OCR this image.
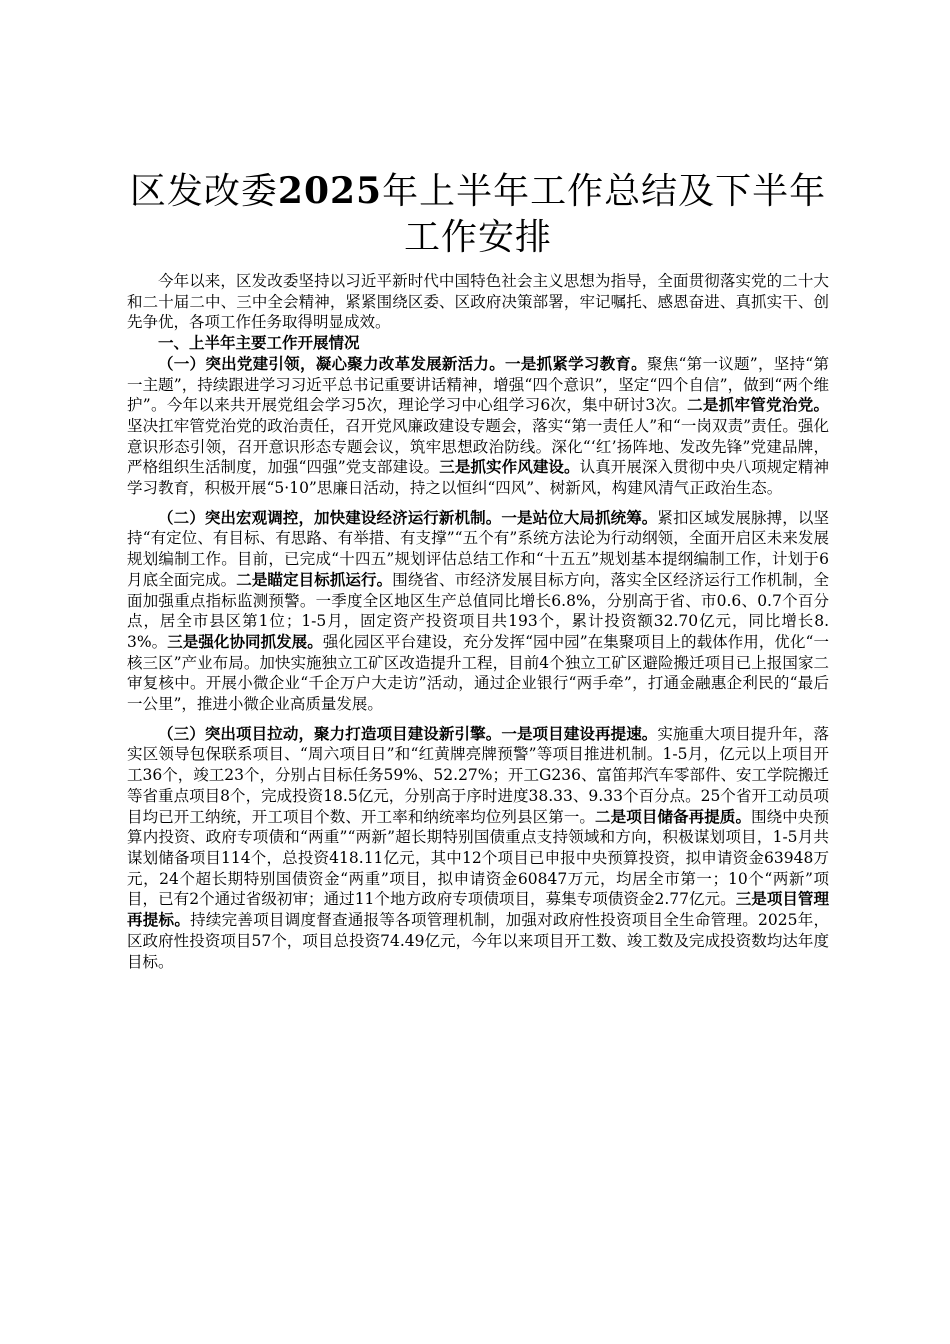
区发改委2025年上半年工作总结及下半年工作安排

今年以来，区发改委坚持以习近平新时代中国特色社会主义思想为指导，全面贯彻落实党的二十大和二十届二中、三中全会精神，紧紧围绕区委、区政府决策部署，牢记嘱托、感恩奋进、真抓实干、创先争优，各项工作任务取得明显成效。

一、上半年主要工作开展情况

（一）突出党建引领，凝心聚力改革发展新活力。一是抓紧学习教育。聚焦“第一议题”，坚持“第一主题”，持续跟进学习习近平总书记重要讲话精神，增强“四个意识”，坚定“四个自信”，做到“两个维护”。今年以来共开展党组会学习5次，理论学习中心组学习6次，集中研讨3次。二是抓牢管党治党。坚决扛牢管党治党的政治责任，召开党风廉政建设专题会，落实“第一责任人”和“一岗双责”责任。强化意识形态引领，召开意识形态专题会议，筑牢思想政治防线。深化“‘红’扬阵地、发改先锋”党建品牌，严格组织生活制度，加强“四强”党支部建设。三是抓实作风建设。认真开展深入贯彻中央八项规定精神学习教育，积极开展“5·10”思廉日活动，持之以恒纠“四风”、树新风，构建风清气正政治生态。

（二）突出宏观调控，加快建设经济运行新机制。一是站位大局抓统筹。紧扣区域发展脉搏，以坚持“有定位、有目标、有思路、有举措、有支撑”“五个有”系统方法论为行动纲领，全面开启区未来发展规划编制工作。目前，已完成“十四五”规划评估总结工作和“十五五”规划基本提纲编制工作，计划于6月底全面完成。二是瞄定目标抓运行。围绕省、市经济发展目标方向，落实全区经济运行工作机制，全面加强重点指标监测预警。一季度全区地区生产总值同比增长6.8%，分别高于省、市0.6、0.7个百分点，居全市县区第1位；1-5月，固定资产投资项目共193个，累计投资额32.70亿元，同比增长8.3%。三是强化协同抓发展。强化园区平台建设，充分发挥“园中园”在集聚项目上的载体作用，优化“一核三区”产业布局。加快实施独立工矿区改造提升工程，目前4个独立工矿区避险搬迁项目已上报国家二审复核中。开展小微企业“千企万户大走访”活动，通过企业银行“两手牵”，打通金融惠企利民的“最后一公里”，推进小微企业高质量发展。

（三）突出项目拉动，聚力打造项目建设新引擎。一是项目建设再提速。实施重大项目提升年，落实区领导包保联系项目、“周六项目日”和“红黄牌亮牌预警”等项目推进机制。1-5月，亿元以上项目开工36个，竣工23个，分别占目标任务59%、52.27%；开工G236、富笛邦汽车零部件、安工学院搬迁等省重点项目8个，完成投资18.5亿元，分别高于序时进度38.33、9.33个百分点。25个省开工动员项目均已开工纳统，开工项目个数、开工率和纳统率均位列县区第一。二是项目储备再提质。围绕中央预算内投资、政府专项债和“两重”“两新”超长期特别国债重点支持领域和方向，积极谋划项目，1-5月共谋划储备项目114个，总投资418.11亿元，其中12个项目已申报中央预算投资，拟申请资金63948万元，24个超长期特别国债资金“两重”项目，拟申请资金60847万元，均居全市第一；10个“两新”项目，已有2个通过省级初审；通过11个地方政府专项债项目，募集专项债资金2.77亿元。三是项目管理再提标。持续完善项目调度督查通报等各项管理机制，加强对政府性投资项目全生命管理。2025年，区政府性投资项目57个，项目总投资74.49亿元，今年以来项目开工数、竣工数及完成投资数均达年度目标。
